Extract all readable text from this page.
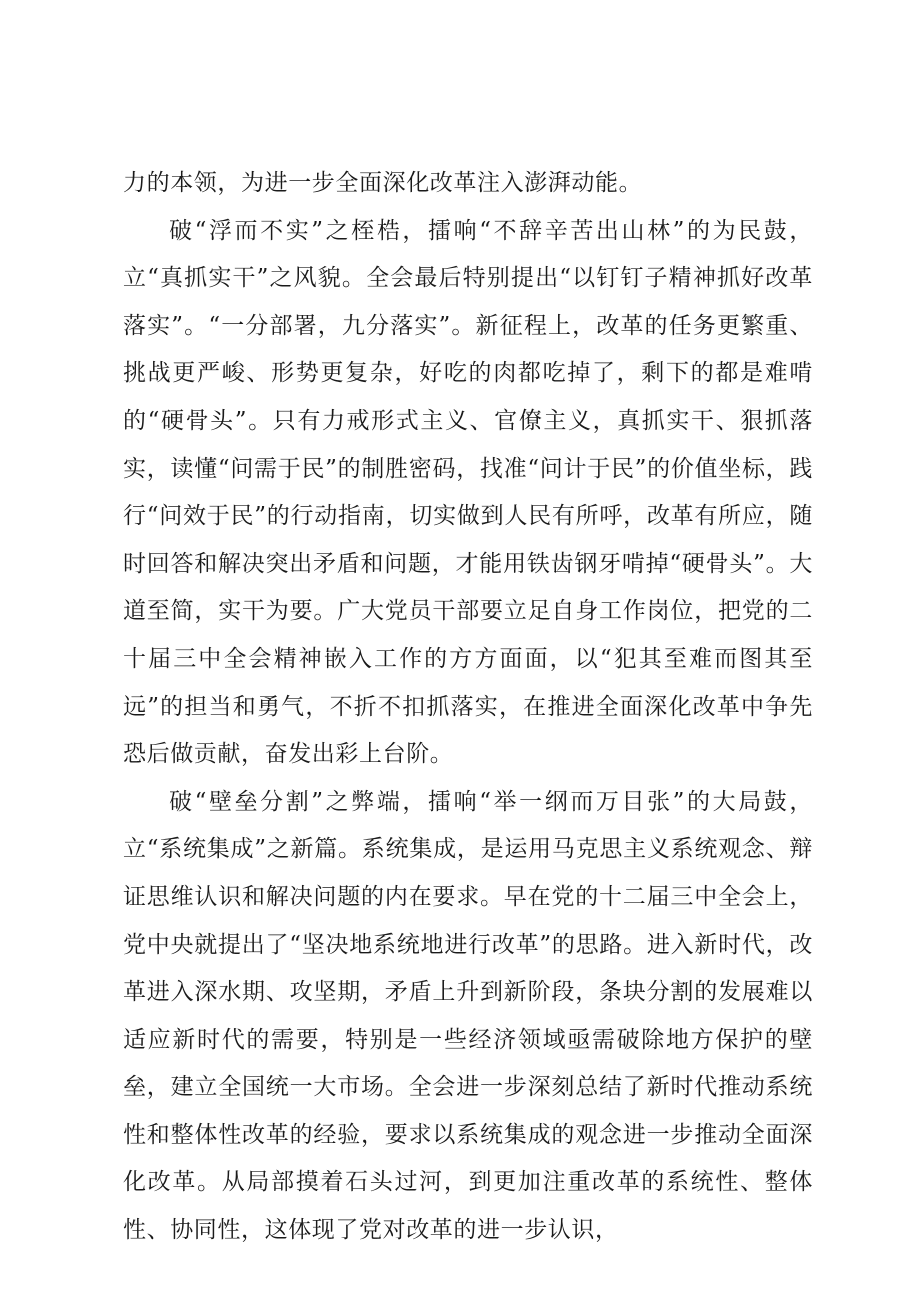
力的本领，为进一步全面深化改革注入澎湃动能。

破“浮而不实”之桎梏，擂响“不辞辛苦出山林”的为民鼓，立“真抓实干”之风貌。全会最后特别提出“以钉钉子精神抓好改革落实”。“一分部署，九分落实”。新征程上，改革的任务更繁重、挑战更严峻、形势更复杂，好吃的肉都吃掉了，剩下的都是难啃的“硬骨头”。只有力戒形式主义、官僚主义，真抓实干、狠抓落实，读懂“问需于民”的制胜密码，找准“问计于民”的价值坐标，践行“问效于民”的行动指南，切实做到人民有所呼，改革有所应，随时回答和解决突出矛盾和问题，才能用铁齿钢牙啃掉“硬骨头”。大道至简，实干为要。广大党员干部要立足自身工作岗位，把党的二十届三中全会精神嵌入工作的方方面面，以“犯其至难而图其至远”的担当和勇气，不折不扣抓落实，在推进全面深化改革中争先恐后做贡献，奋发出彩上台阶。

破“壁垒分割”之弊端，擂响“举一纲而万目张”的大局鼓，立“系统集成”之新篇。系统集成，是运用马克思主义系统观念、辩证思维认识和解决问题的内在要求。早在党的十二届三中全会上，党中央就提出了“坚决地系统地进行改革”的思路。进入新时代，改革进入深水期、攻坚期，矛盾上升到新阶段，条块分割的发展难以适应新时代的需要，特别是一些经济领域亟需破除地方保护的壁垒，建立全国统一大市场。全会进一步深刻总结了新时代推动系统性和整体性改革的经验，要求以系统集成的观念进一步推动全面深化改革。从局部摸着石头过河，到更加注重改革的系统性、整体性、协同性，这体现了党对改革的进一步认识，
